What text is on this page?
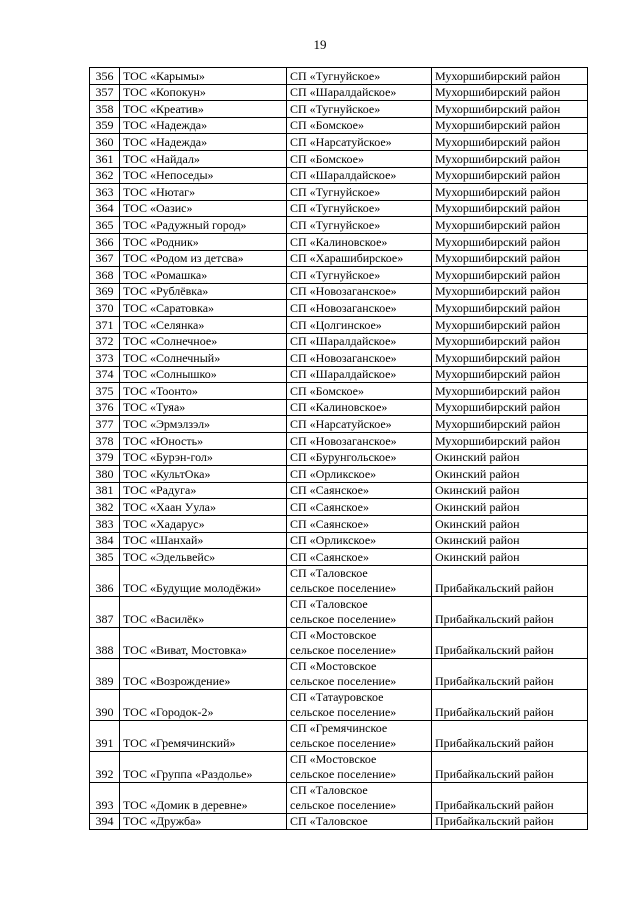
19
356	ТОС «Карымы»	СП «Тугнуйское»	Мухоршибирский район
357	ТОС «Копокун»	СП «Шаралдайское»	Мухоршибирский район
358	ТОС «Креатив»	СП «Тугнуйское»	Мухоршибирский район
359	ТОС «Надежда»	СП «Бомское»	Мухоршибирский район
360	ТОС «Надежда»	СП «Нарсатуйское»	Мухоршибирский район
361	ТОС «Найдал»	СП «Бомское»	Мухоршибирский район
362	ТОС «Непоседы»	СП «Шаралдайское»	Мухоршибирский район
363	ТОС «Нютаг»	СП «Тугнуйское»	Мухоршибирский район
364	ТОС «Оазис»	СП «Тугнуйское»	Мухоршибирский район
365	ТОС «Радужный город»	СП «Тугнуйское»	Мухоршибирский район
366	ТОС «Родник»	СП «Калиновское»	Мухоршибирский район
367	ТОС «Родом из детсва»	СП «Харашибирское»	Мухоршибирский район
368	ТОС «Ромашка»	СП «Тугнуйское»	Мухоршибирский район
369	ТОС «Рублёвка»	СП «Новозаганское»	Мухоршибирский район
370	ТОС «Саратовка»	СП «Новозаганское»	Мухоршибирский район
371	ТОС «Селянка»	СП «Цолгинское»	Мухоршибирский район
372	ТОС «Солнечное»	СП «Шаралдайское»	Мухоршибирский район
373	ТОС «Солнечный»	СП «Новозаганское»	Мухоршибирский район
374	ТОС «Солнышко»	СП «Шаралдайское»	Мухоршибирский район
375	ТОС «Тоонто»	СП «Бомское»	Мухоршибирский район
376	ТОС «Туяа»	СП «Калиновское»	Мухоршибирский район
377	ТОС «Эрмэлзэл»	СП «Нарсатуйское»	Мухоршибирский район
378	ТОС «Юность»	СП «Новозаганское»	Мухоршибирский район
379	ТОС «Бурэн-гол»	СП «Бурунгольское»	Окинский район
380	ТОС «КультОка»	СП «Орликское»	Окинский район
381	ТОС «Радуга»	СП «Саянское»	Окинский район
382	ТОС «Хаан Уула»	СП «Саянское»	Окинский район
383	ТОС «Хадарус»	СП «Саянское»	Окинский район
384	ТОС «Шанхай»	СП «Орликское»	Окинский район
385	ТОС «Эдельвейс»	СП «Саянское»	Окинский район
386	ТОС «Будущие молодёжи»	СП «Таловское
сельское поселение»	Прибайкальский район
387	ТОС «Василёк»	СП «Таловское
сельское поселение»	Прибайкальский район
388	ТОС «Виват, Мостовка»	СП «Мостовское
сельское поселение»	Прибайкальский район
389	ТОС «Возрождение»	СП «Мостовское
сельское поселение»	Прибайкальский район
390	ТОС «Городок-2»	СП «Татауровское
сельское поселение»	Прибайкальский район
391	ТОС «Гремячинский»	СП «Гремячинское
сельское поселение»	Прибайкальский район
392	ТОС «Группа «Раздолье»	СП «Мостовское
сельское поселение»	Прибайкальский район
393	ТОС «Домик в деревне»	СП «Таловское
сельское поселение»	Прибайкальский район
394	ТОС «Дружба»	СП «Таловское	Прибайкальский район
